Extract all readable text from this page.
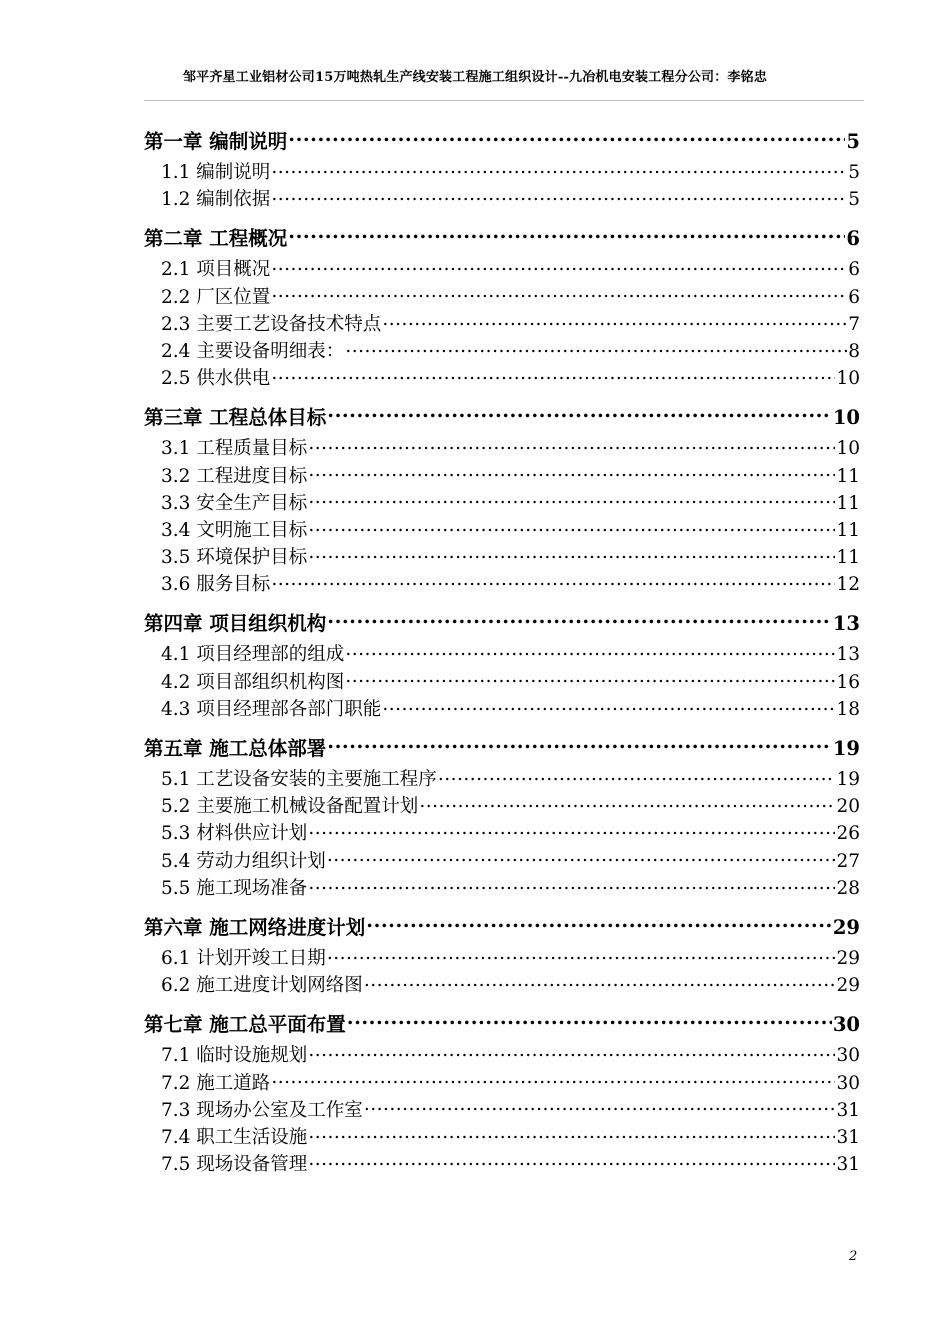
邹平齐星工业铝材公司15万吨热轧生产线安装工程施工组织设计--九冶机电安装工程分公司：李铭忠
第一章 编制说明 .....	5
1.1 编制说明 .....	5
1.2 编制依据 .....	5
第二章 工程概况 .....	6
2.1 项目概况 .....	6
2.2 厂区位置 .....	6
2.3 主要工艺设备技术特点 .....	7
2.4 主要设备明细表： .....	8
2.5 供水供电 .....	10
第三章 工程总体目标 .....	10
3.1 工程质量目标 .....	10
3.2 工程进度目标 .....	11
3.3 安全生产目标 .....	11
3.4 文明施工目标 .....	11
3.5 环境保护目标 .....	11
3.6 服务目标 .....	12
第四章 项目组织机构 .....	13
4.1 项目经理部的组成 .....	13
4.2 项目部组织机构图 .....	16
4.3 项目经理部各部门职能 .....	18
第五章 施工总体部署 .....	19
5.1 工艺设备安装的主要施工程序 .....	19
5.2 主要施工机械设备配置计划 .....	20
5.3 材料供应计划 .....	26
5.4 劳动力组织计划 .....	27
5.5 施工现场准备 .....	28
第六章 施工网络进度计划 .....	29
6.1 计划开竣工日期 .....	29
6.2 施工进度计划网络图 .....	29
第七章 施工总平面布置 .....	30
7.1 临时设施规划 .....	30
7.2 施工道路 .....	30
7.3 现场办公室及工作室 .....	31
7.4 职工生活设施 .....	31
7.5 现场设备管理 .....	31
2
